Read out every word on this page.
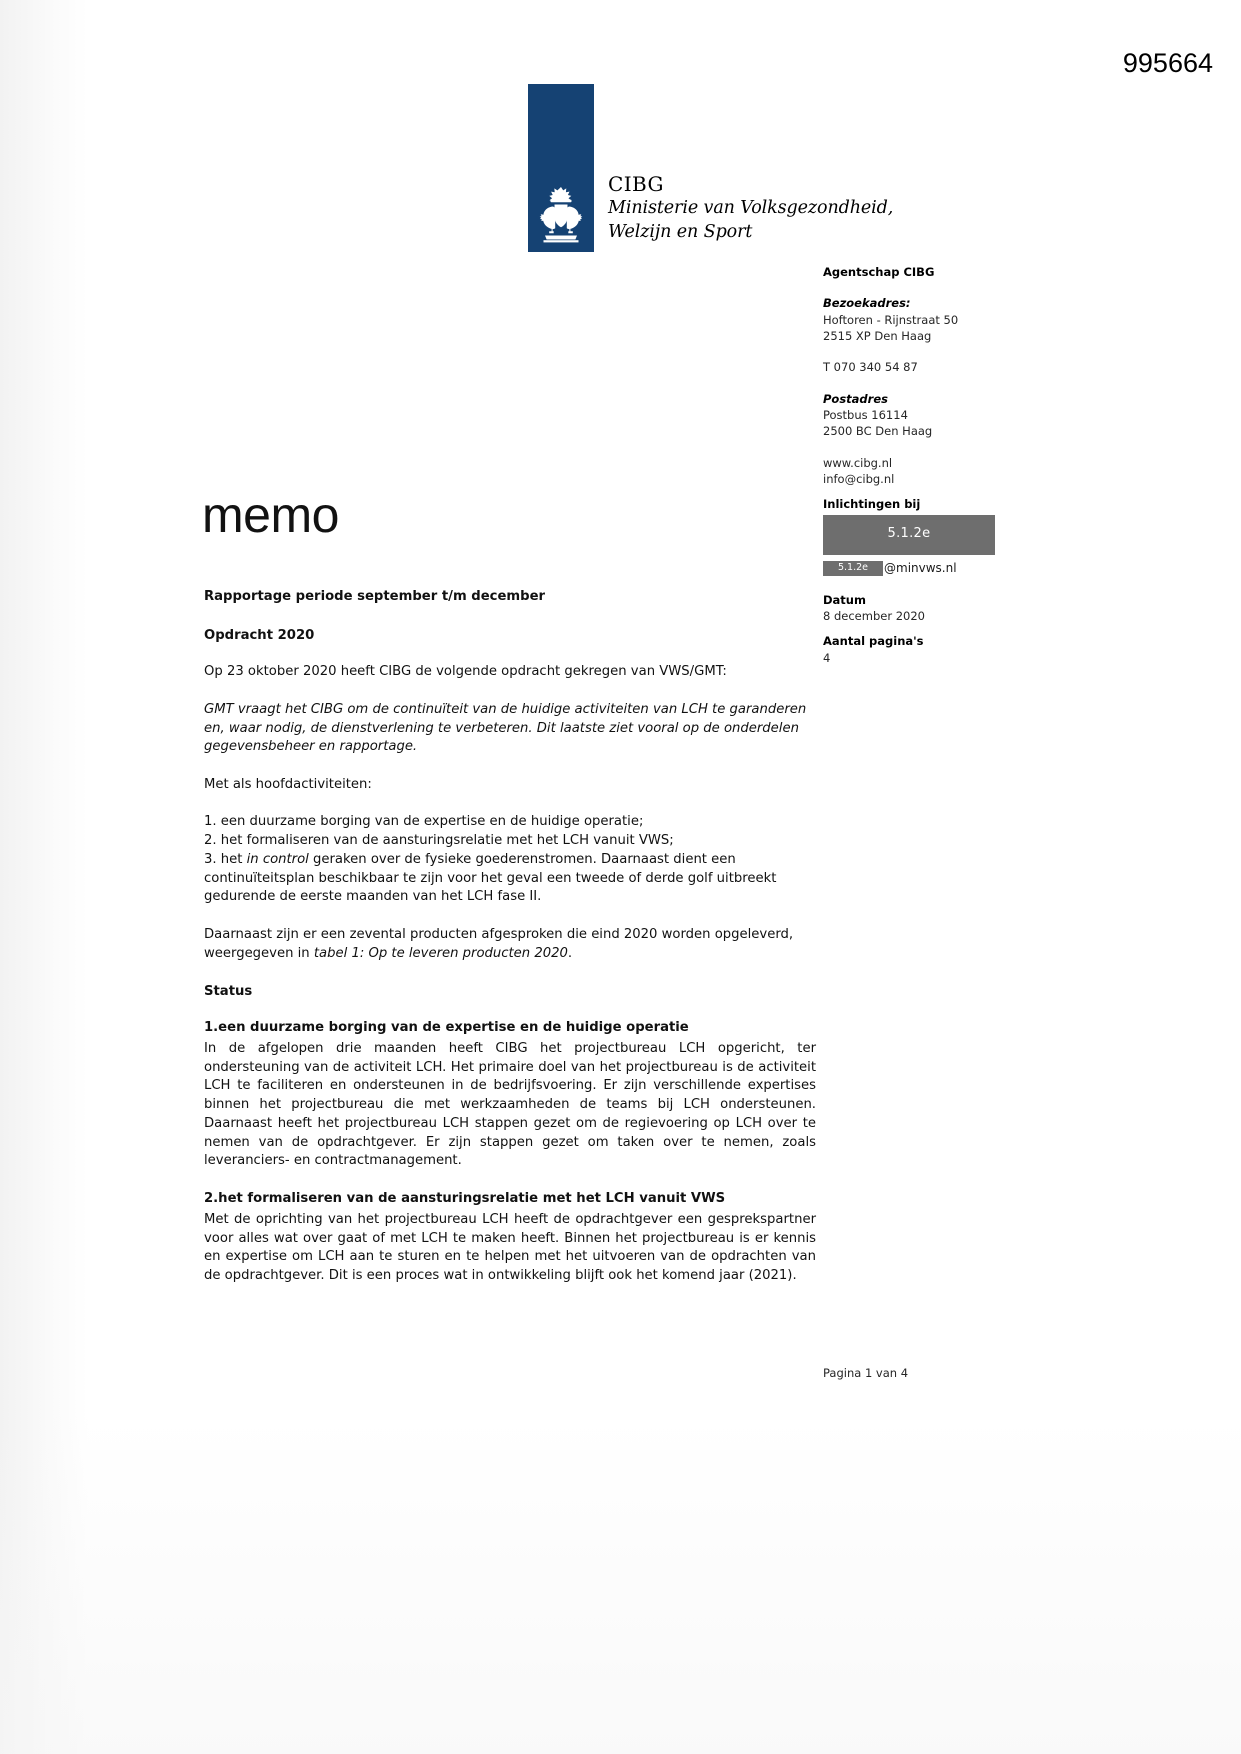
995664
CIBG
Ministerie van Volksgezondheid,
Welzijn en Sport
Agentschap CIBG
Bezoekadres:
Hoftoren - Rijnstraat 50
2515 XP Den Haag
T 070 340 54 87
Postadres
Postbus 16114
2500 BC Den Haag
www.cibg.nl
info@cibg.nl
Inlichtingen bij
5.1.2e
5.1.2e	@minvws.nl
Datum
8 december 2020
Aantal pagina's
4
memo
Rapportage periode september t/m december
Opdracht 2020
Op 23 oktober 2020 heeft CIBG de volgende opdracht gekregen van VWS/GMT:
GMT vraagt het CIBG om de continuïteit van de huidige activiteiten van LCH te garanderen en, waar nodig, de dienstverlening te verbeteren. Dit laatste ziet vooral op de onderdelen gegevensbeheer en rapportage.
Met als hoofdactiviteiten:
1. een duurzame borging van de expertise en de huidige operatie;
2. het formaliseren van de aansturingsrelatie met het LCH vanuit VWS;
3. het in control geraken over de fysieke goederenstromen. Daarnaast dient een continuïteitsplan beschikbaar te zijn voor het geval een tweede of derde golf uitbreekt gedurende de eerste maanden van het LCH fase II.
Daarnaast zijn er een zevental producten afgesproken die eind 2020 worden opgeleverd, weergegeven in tabel 1: Op te leveren producten 2020.
Status
1.een duurzame borging van de expertise en de huidige operatie
In de afgelopen drie maanden heeft CIBG het projectbureau LCH opgericht, ter ondersteuning van de activiteit LCH. Het primaire doel van het projectbureau is de activiteit LCH te faciliteren en ondersteunen in de bedrijfsvoering. Er zijn verschillende expertises binnen het projectbureau die met werkzaamheden de teams bij LCH ondersteunen. Daarnaast heeft het projectbureau LCH stappen gezet om de regievoering op LCH over te nemen van de opdrachtgever. Er zijn stappen gezet om taken over te nemen, zoals leveranciers- en contractmanagement.
2.het formaliseren van de aansturingsrelatie met het LCH vanuit VWS
Met de oprichting van het projectbureau LCH heeft de opdrachtgever een gesprekspartner voor alles wat over gaat of met LCH te maken heeft. Binnen het projectbureau is er kennis en expertise om LCH aan te sturen en te helpen met het uitvoeren van de opdrachten van de opdrachtgever. Dit is een proces wat in ontwikkeling blijft ook het komend jaar (2021).
Pagina 1 van 4
